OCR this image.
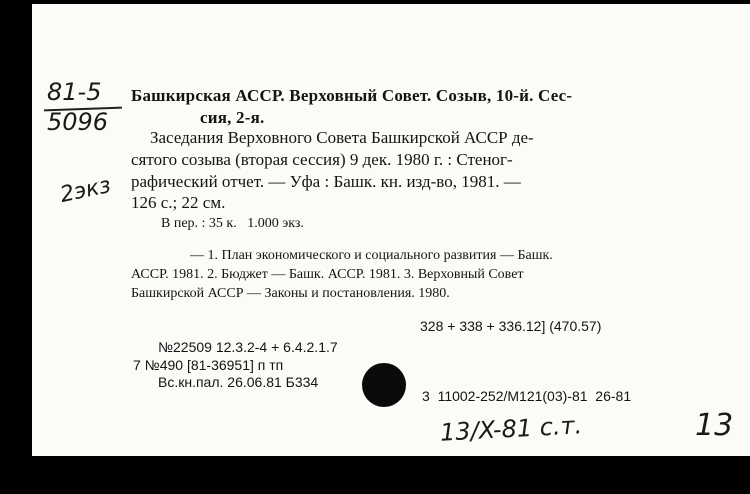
81-5
5096
2экз
Башкирская АССР. Верховный Совет. Созыв, 10-й. Сес-
сия, 2-я.
Заседания Верховного Совета Башкирской АССР де-
сятого созыва (вторая сессия) 9 дек. 1980 г. : Стеног-
рафический отчет. — Уфа : Башк. кн. изд-во, 1981. —
126 с.; 22 см.
В пер. : 35 к.   1.000 экз.
— 1. План экономического и социального развития — Башк.
АССР. 1981. 2. Бюджет — Башк. АССР. 1981. 3. Верховный Совет
Башкирской АССР — Законы и постановления. 1980.
328 + 338 + 336.12] (470.57)
№22509 12.3.2-4 + 6.4.2.1.7
7 №490 [81-36951] п тп
Вс.кн.пал. 26.06.81 Б334
3  11002-252/М121(03)-81  26-81
13/X-81 с.т.	13
